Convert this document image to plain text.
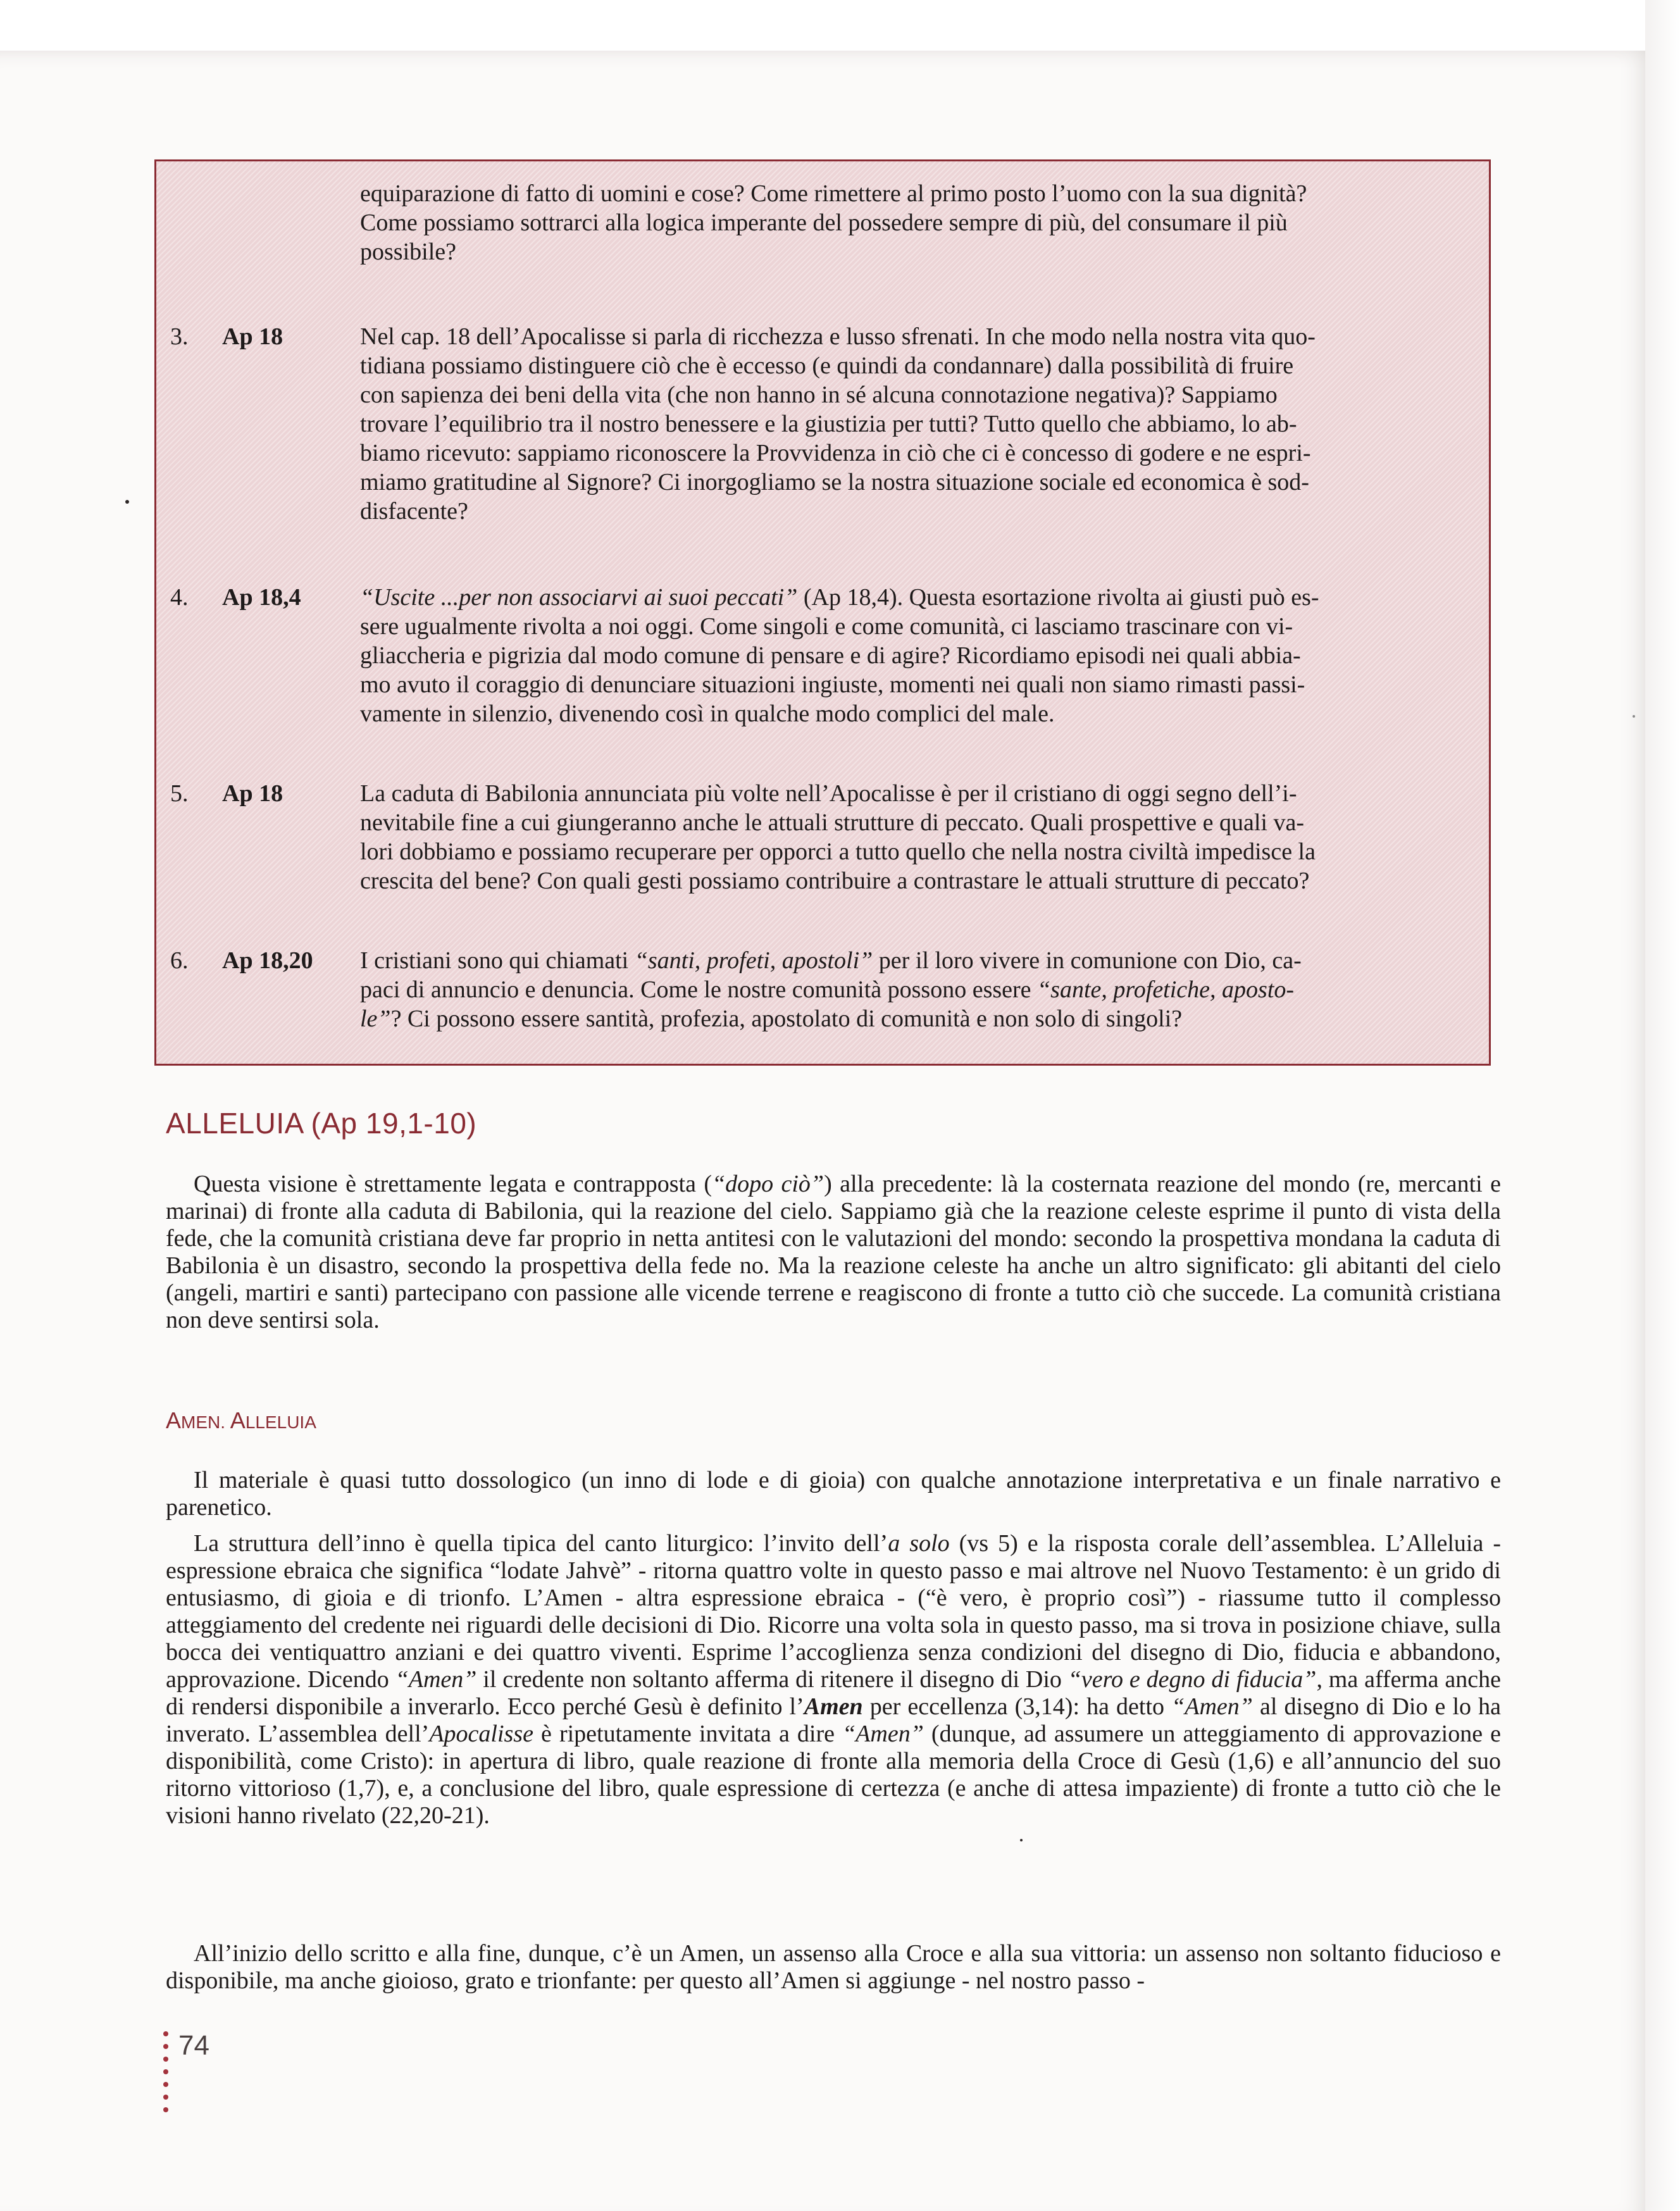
equiparazione di fatto di uomini e cose? Come rimettere al primo posto l’uomo con la sua dignità?
Come possiamo sottrarci alla logica imperante del possedere sempre di più, del consumare il più
possibile?
3. Ap 18	Nel cap. 18 dell’Apocalisse si parla di ricchezza e lusso sfrenati. In che modo nella nostra vita quo-
tidiana possiamo distinguere ciò che è eccesso (e quindi da condannare) dalla possibilità di fruire
con sapienza dei beni della vita (che non hanno in sé alcuna connotazione negativa)? Sappiamo
trovare l’equilibrio tra il nostro benessere e la giustizia per tutti? Tutto quello che abbiamo, lo ab-
biamo ricevuto: sappiamo riconoscere la Provvidenza in ciò che ci è concesso di godere e ne espri-
miamo gratitudine al Signore? Ci inorgogliamo se la nostra situazione sociale ed economica è sod-
disfacente?
4. Ap 18,4 “Uscite ...per non associarvi ai suoi peccati” (Ap 18,4). Questa esortazione rivolta ai giusti può es-
sere ugualmente rivolta a noi oggi. Come singoli e come comunità, ci lasciamo trascinare con vi-
gliaccheria e pigrizia dal modo comune di pensare e di agire? Ricordiamo episodi nei quali abbia-
mo avuto il coraggio di denunciare situazioni ingiuste, momenti nei quali non siamo rimasti passi-
vamente in silenzio, divenendo così in qualche modo complici del male.
5. Ap 18	La caduta di Babilonia annunciata più volte nell’Apocalisse è per il cristiano di oggi segno dell’i-
nevitabile fine a cui giungeranno anche le attuali strutture di peccato. Quali prospettive e quali va-
lori dobbiamo e possiamo recuperare per opporci a tutto quello che nella nostra civiltà impedisce la
crescita del bene? Con quali gesti possiamo contribuire a contrastare le attuali strutture di peccato?
6. Ap 18,20 I cristiani sono qui chiamati “santi, profeti, apostoli” per il loro vivere in comunione con Dio, ca-
paci di annuncio e denuncia. Come le nostre comunità possono essere “sante, profetiche, aposto-
le”? Ci possono essere santità, profezia, apostolato di comunità e non solo di singoli?
ALLELUIA (Ap 19,1-10)

Questa visione è strettamente legata e contrapposta (“dopo ciò”) alla precedente: là la costernata reazione del mondo (re, mercanti e marinai) di fronte alla caduta di Babilonia, qui la reazione del cielo. Sappiamo già che la reazione celeste esprime il punto di vista della fede, che la comunità cristiana deve far proprio in netta antitesi con le valutazioni del mondo: secondo la prospettiva mondana la caduta di Babilonia è un disastro, secondo la prospettiva della fede no. Ma la reazione celeste ha anche un altro significato: gli abitanti del cielo (angeli, martiri e santi) partecipano con passione alle vicende terrene e reagiscono di fronte a tutto ciò che succede. La comunità cristiana non deve sentirsi sola.

AMEN. ALLELUIA

Il materiale è quasi tutto dossologico (un inno di lode e di gioia) con qualche annotazione interpretativa e un finale narrativo e parenetico.

La struttura dell’inno è quella tipica del canto liturgico: l’invito dell’a solo (vs 5) e la risposta corale dell’assemblea. L’Alleluia - espressione ebraica che significa “lodate Jahvè” - ritorna quattro volte in questo passo e mai altrove nel Nuovo Testamento: è un grido di entusiasmo, di gioia e di trionfo. L’Amen - altra espressione ebraica - (“è vero, è proprio così”) - riassume tutto il complesso atteggiamento del credente nei riguardi delle decisioni di Dio. Ricorre una volta sola in questo passo, ma si trova in posizione chiave, sulla bocca dei ventiquattro anziani e dei quattro viventi. Esprime l’accoglienza senza condizioni del disegno di Dio, fiducia e abbandono, approvazione. Dicendo “Amen” il credente non soltanto afferma di ritenere il disegno di Dio “vero e degno di fiducia”, ma afferma anche di rendersi disponibile a inverarlo. Ecco perché Gesù è definito l’Amen per eccellenza (3,14): ha detto “Amen” al disegno di Dio e lo ha inverato. L’assemblea dell’Apocalisse è ripetutamente invitata a dire “Amen” (dunque, ad assumere un atteggiamento di approvazione e disponibilità, come Cristo): in apertura di libro, quale reazione di fronte alla memoria della Croce di Gesù (1,6) e all’annuncio del suo ritorno vittorioso (1,7), e, a conclusione del libro, quale espressione di certezza (e anche di attesa impaziente) di fronte a tutto ciò che le visioni hanno rivelato (22,20-21).

All’inizio dello scritto e alla fine, dunque, c’è un Amen, un assenso alla Croce e alla sua vittoria: un assenso non soltanto fiducioso e disponibile, ma anche gioioso, grato e trionfante: per questo all’Amen si aggiunge - nel nostro passo -

74
